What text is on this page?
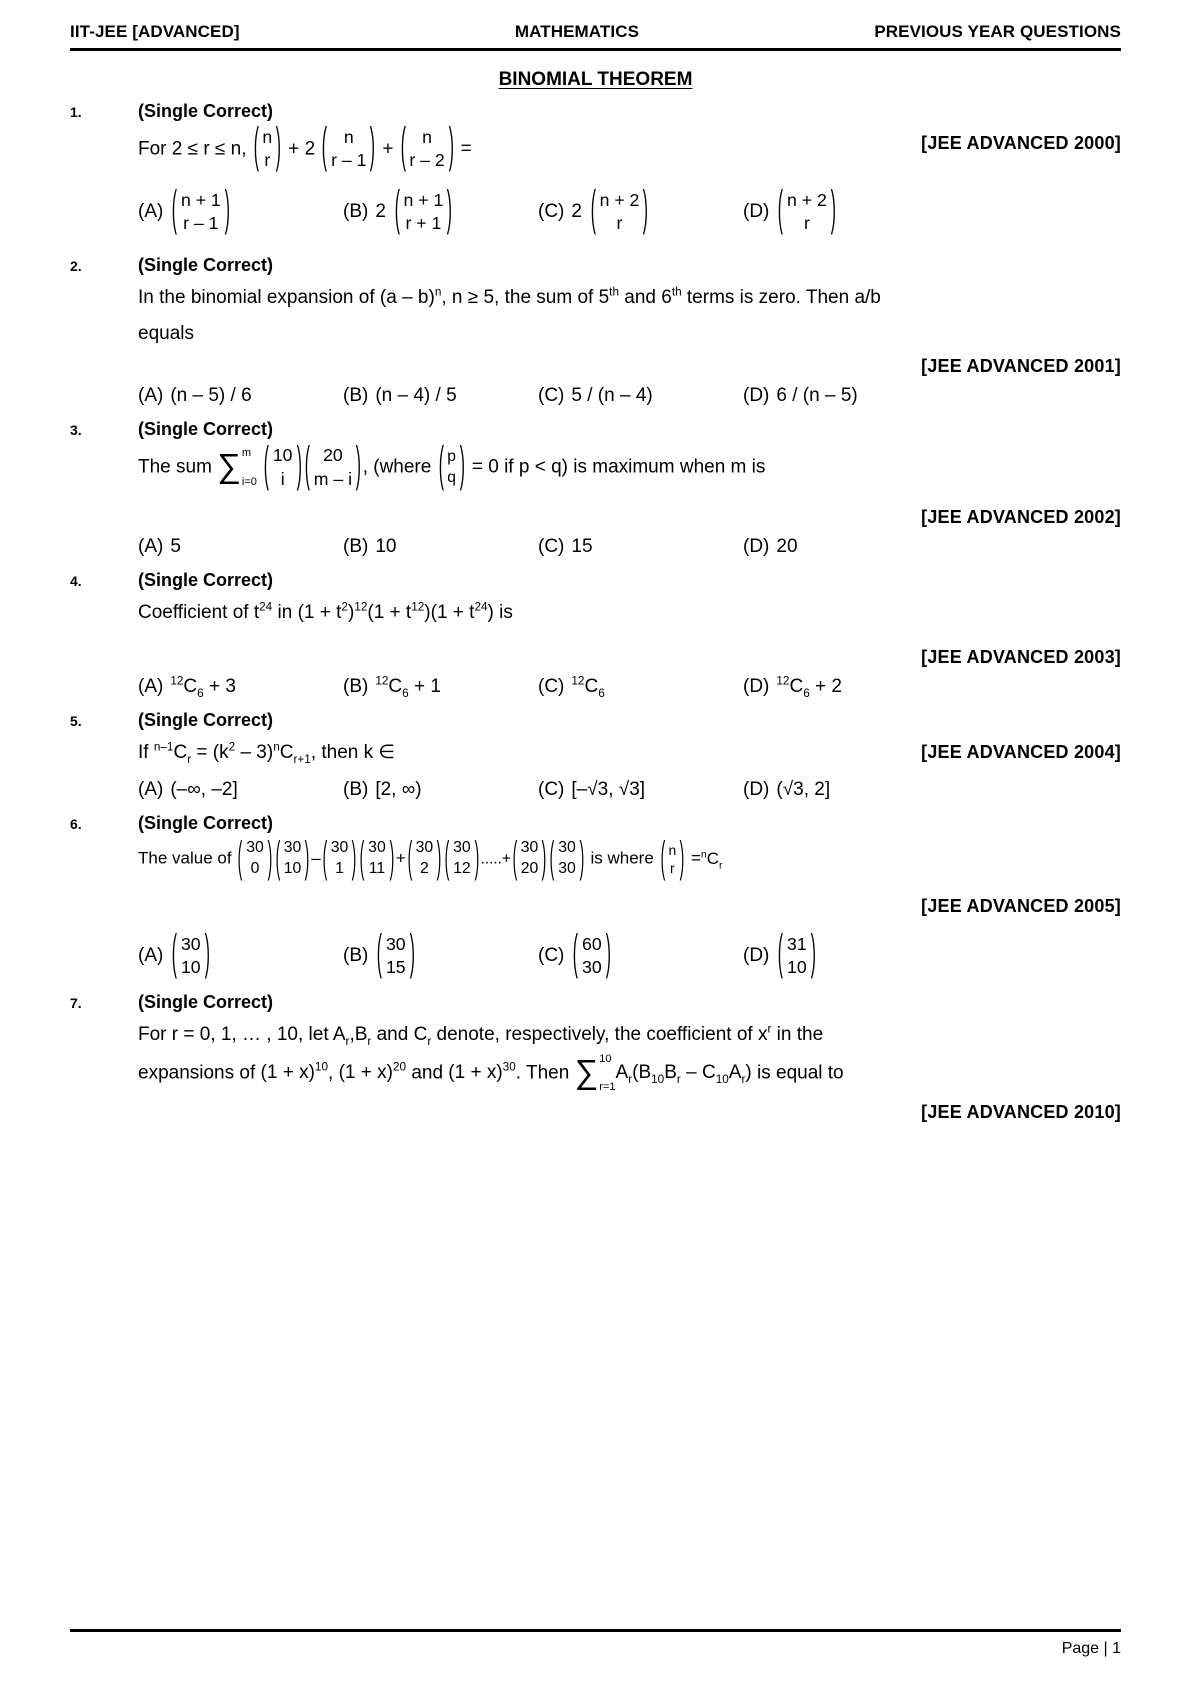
IIT-JEE [ADVANCED]	MATHEMATICS	PREVIOUS YEAR QUESTIONS
BINOMIAL THEOREM
1.	(Single Correct)
For 2 ≤ r ≤ n, ( n
r ) + 2 ( n
r – 1 ) + ( n
r – 2 ) =	[JEE ADVANCED 2000]
(A) ( n + 1
r – 1 )	(B) 2 ( n + 1
r + 1 )	(C) 2 ( n + 2
r )	(D) ( n + 2
r )
2.	(Single Correct)
In the binomial expansion of (a – b)$^n$, n ≥ 5, the sum of 5th and 6th terms is zero. Then a/b
equals
[JEE ADVANCED 2001]
(A) (n – 5) / 6	(B) (n – 4) / 5	(C) 5 / (n – 4)	(D) 6 / (n – 5)
3.	(Single Correct)
The sum ∑ m
i=0
( 10
i ) ( 20
m – i ) , (where ( p
q ) = 0 if p < q) is maximum when m is
[JEE ADVANCED 2002]
(A) 5	(B) 10	(C) 15	(D) 20
4.	(Single Correct)
Coefficient of $t^{24}$ in $(1 + t^2)^{12}(1 + t^{12})(1 + t^{24})$ is
[JEE ADVANCED 2003]
(A) $^{12}C_6 + 3$	(B) $^{12}C_6 + 1$	(C) $^{12}C_6$	(D) $^{12}C_6 + 2$
5.	(Single Correct)
If $^{n-1}C_r = (k^2 - 3)^nC_{r+1}$, then k ∈	[JEE ADVANCED 2004]
(A) (–∞, –2]	(B) [2, ∞)	(C) [–√3, √3]	(D) (√3, 2]
6.	(Single Correct)
The value of ( 30
0 ) ( 30
10 ) – ( 30
1 ) ( 30
11 ) + ( 30
2 ) ( 30
12 ) .....+ ( 30
20 ) ( 30
30 ) is where ( n
r ) $=^nC_r$
[JEE ADVANCED 2005]
(A) ( 30
10 )	(B) ( 30
15 )	(C) ( 60
30 )	(D) ( 31
10 )
7.	(Single Correct)
For r = 0, 1, … , 10, let $A_r,B_r$ and $C_r$ denote, respectively, the coefficient of $x^r$ in the
expansions of $(1 + x)^{10}$, $(1 + x)^{20}$ and $(1 + x)^{30}$. Then ∑ 10
r=1
$A_r(B_{10}B_r - C_{10}A_r)$ is equal to
[JEE ADVANCED 2010]
Page | 1
